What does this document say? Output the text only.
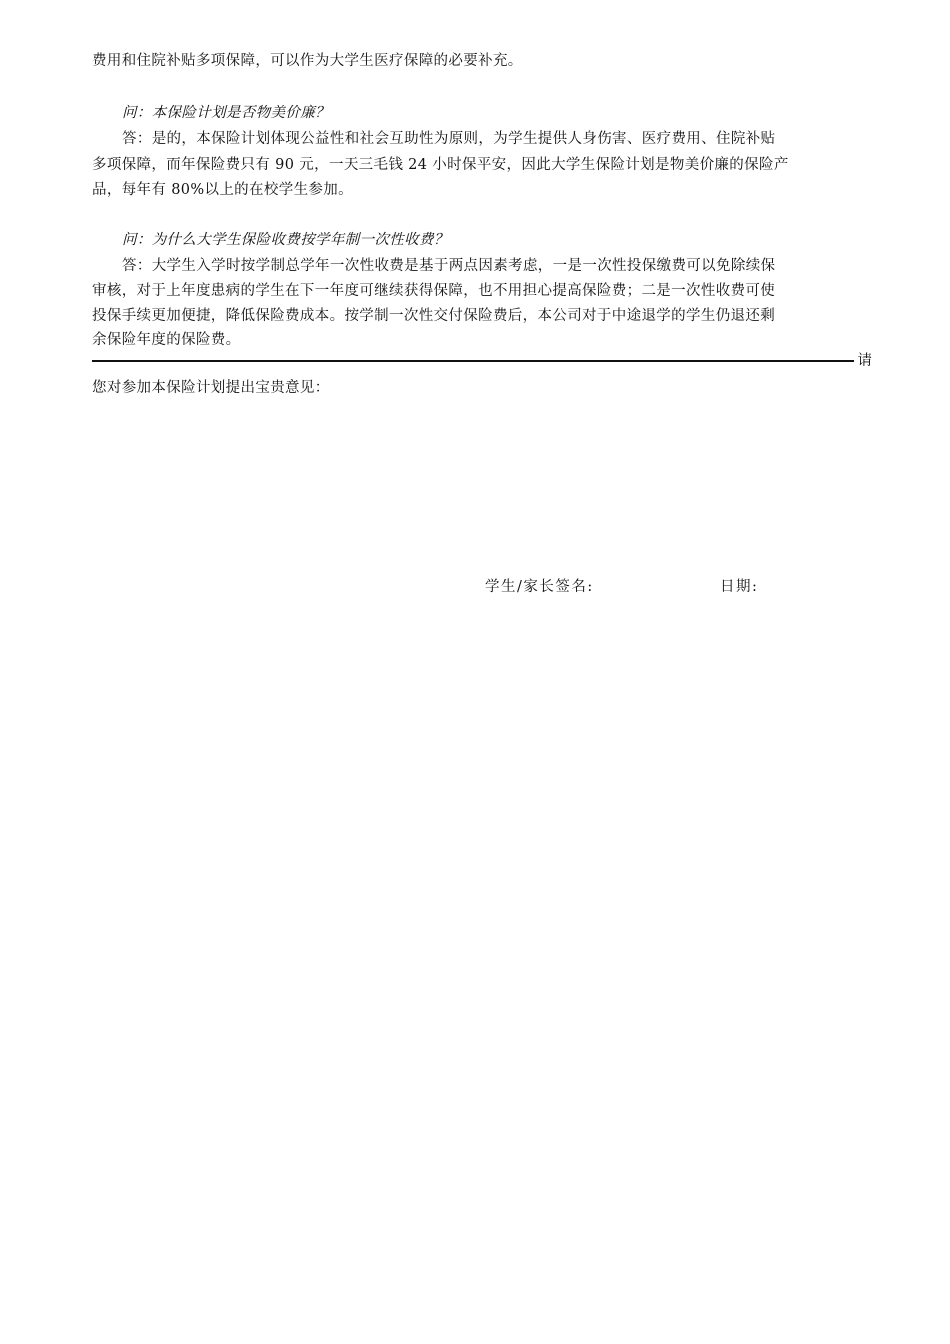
费用和住院补贴多项保障，可以作为大学生医疗保障的必要补充。
问：本保险计划是否物美价廉？
答：是的，本保险计划体现公益性和社会互助性为原则，为学生提供人身伤害、医疗费用、住院补贴
多项保障，而年保险费只有 90 元，一天三毛钱 24 小时保平安，因此大学生保险计划是物美价廉的保险产
品，每年有 80%以上的在校学生参加。
问：为什么大学生保险收费按学年制一次性收费？
答：大学生入学时按学制总学年一次性收费是基于两点因素考虑，一是一次性投保缴费可以免除续保
审核，对于上年度患病的学生在下一年度可继续获得保障，也不用担心提高保险费；二是一次性收费可使
投保手续更加便捷，降低保险费成本。按学制一次性交付保险费后，本公司对于中途退学的学生仍退还剩
余保险年度的保险费。
请
您对参加本保险计划提出宝贵意见：
学生/家长签名:	日期:
